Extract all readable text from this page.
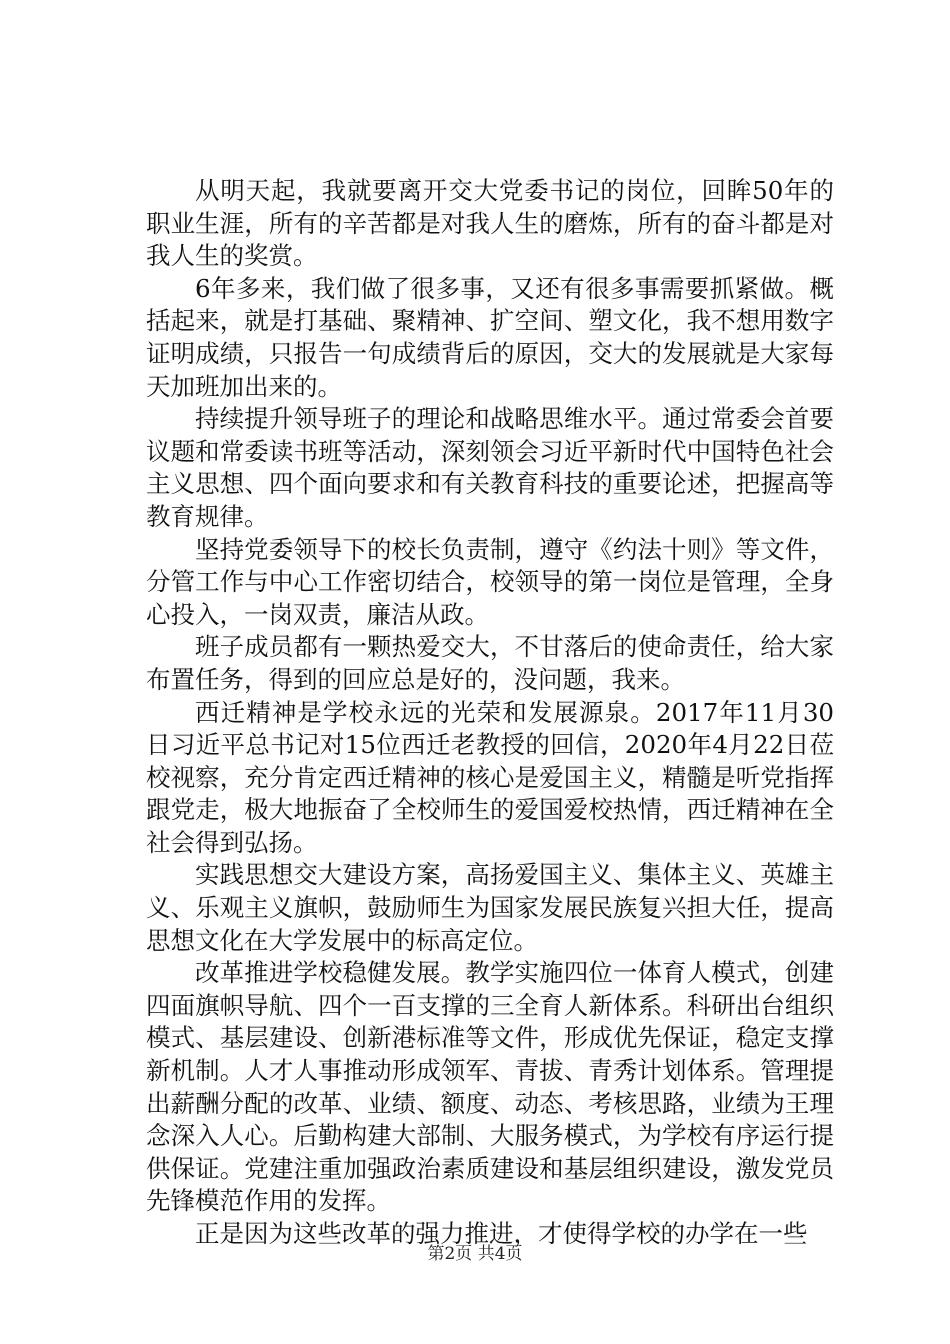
从明天起，我就要离开交大党委书记的岗位，回眸50年的职业生涯，所有的辛苦都是对我人生的磨炼，所有的奋斗都是对我人生的奖赏。

6年多来，我们做了很多事，又还有很多事需要抓紧做。概括起来，就是打基础、聚精神、扩空间、塑文化，我不想用数字证明成绩，只报告一句成绩背后的原因，交大的发展就是大家每天加班加出来的。

持续提升领导班子的理论和战略思维水平。通过常委会首要议题和常委读书班等活动，深刻领会习近平新时代中国特色社会主义思想、四个面向要求和有关教育科技的重要论述，把握高等教育规律。

坚持党委领导下的校长负责制，遵守《约法十则》等文件，分管工作与中心工作密切结合，校领导的第一岗位是管理，全身心投入，一岗双责，廉洁从政。

班子成员都有一颗热爱交大，不甘落后的使命责任，给大家布置任务，得到的回应总是好的，没问题，我来。

西迁精神是学校永远的光荣和发展源泉。2017年11月30日习近平总书记对15位西迁老教授的回信，2020年4月22日莅校视察，充分肯定西迁精神的核心是爱国主义，精髓是听党指挥跟党走，极大地振奋了全校师生的爱国爱校热情，西迁精神在全社会得到弘扬。

实践思想交大建设方案，高扬爱国主义、集体主义、英雄主义、乐观主义旗帜，鼓励师生为国家发展民族复兴担大任，提高思想文化在大学发展中的标高定位。

改革推进学校稳健发展。教学实施四位一体育人模式，创建四面旗帜导航、四个一百支撑的三全育人新体系。科研出台组织模式、基层建设、创新港标准等文件，形成优先保证，稳定支撑新机制。人才人事推动形成领军、青拔、青秀计划体系。管理提出薪酬分配的改革、业绩、额度、动态、考核思路，业绩为王理念深入人心。后勤构建大部制、大服务模式，为学校有序运行提供保证。党建注重加强政治素质建设和基层组织建设，激发党员先锋模范作用的发挥。

正是因为这些改革的强力推进，才使得学校的办学在一些

第2页 共4页
